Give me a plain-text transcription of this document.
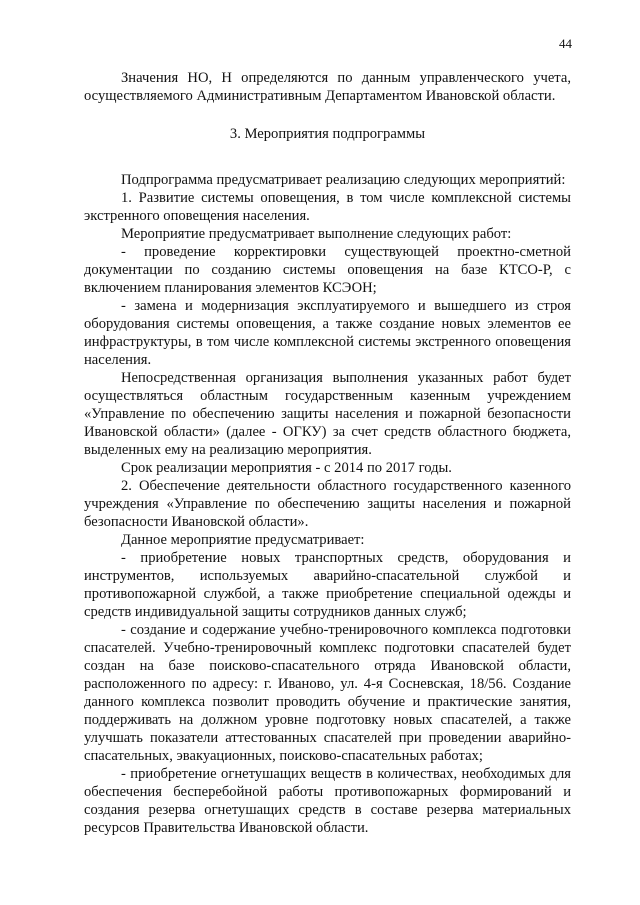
44

Значения НО, Н определяются по данным управленческого учета, осуществляемого Административным Департаментом Ивановской области.

3. Мероприятия подпрограммы

Подпрограмма предусматривает реализацию следующих мероприятий:

1. Развитие системы оповещения, в том числе комплексной системы экстренного оповещения населения.

Мероприятие предусматривает выполнение следующих работ:

- проведение корректировки существующей проектно-сметной документации по созданию системы оповещения на базе КТСО-Р, с включением планирования элементов КСЭОН;

- замена и модернизация эксплуатируемого и вышедшего из строя оборудования системы оповещения, а также создание новых элементов ее инфраструктуры, в том числе комплексной системы экстренного оповещения населения.

Непосредственная организация выполнения указанных работ будет осуществляться областным государственным казенным учреждением «Управление по обеспечению защиты населения и пожарной безопасности Ивановской области» (далее - ОГКУ) за счет средств областного бюджета, выделенных ему на реализацию мероприятия.

Срок реализации мероприятия - с 2014 по 2017 годы.

2. Обеспечение деятельности областного государственного казенного учреждения «Управление по обеспечению защиты населения и пожарной безопасности Ивановской области».

Данное мероприятие предусматривает:

- приобретение новых транспортных средств, оборудования и инструментов, используемых аварийно-спасательной службой и противопожарной службой, а также приобретение специальной одежды и средств индивидуальной защиты сотрудников данных служб;

- создание и содержание учебно-тренировочного комплекса подготовки спасателей. Учебно-тренировочный комплекс подготовки спасателей будет создан на базе поисково-спасательного отряда Ивановской области, расположенного по адресу: г. Иваново, ул. 4-я Сосневская, 18/56. Создание данного комплекса позволит проводить обучение и практические занятия, поддерживать на должном уровне подготовку новых спасателей, а также улучшать показатели аттестованных спасателей при проведении аварийно-спасательных, эвакуационных, поисково-спасательных работах;

- приобретение огнетушащих веществ в количествах, необходимых для обеспечения бесперебойной работы противопожарных формирований и создания резерва огнетушащих средств в составе резерва материальных ресурсов Правительства Ивановской области.
